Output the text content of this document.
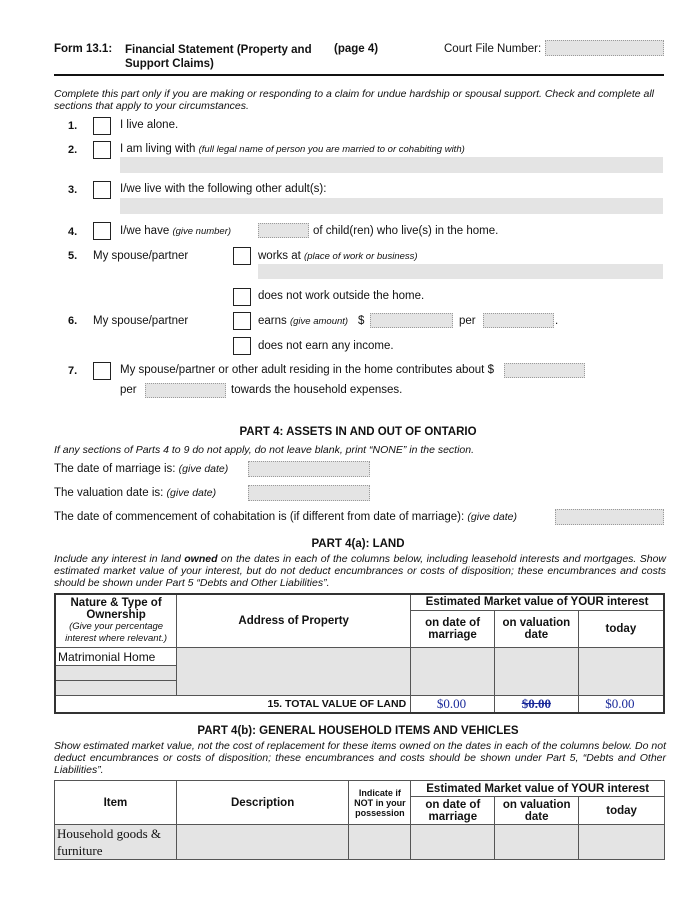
Form 13.1: Financial Statement (Property and
Support Claims)
(page 4)	Court File Number:
Complete this part only if you are making or responding to a claim for undue hardship or spousal support. Check and complete all sections that apply to your circumstances.
1.	I live alone.
2.	I am living with (full legal name of person you are married to or cohabiting with)
3.	I/we live with the following other adult(s):
4.	I/we have (give number)	of child(ren) who live(s) in the home.
5. My spouse/partner	works at (place of work or business)
does not work outside the home.
6. My spouse/partner	earns (give amount) $	per	.
does not earn any income.
7.	My spouse/partner or other adult residing in the home contributes about $
per	towards the household expenses.
PART 4: ASSETS IN AND OUT OF ONTARIO
If any sections of Parts 4 to 9 do not apply, do not leave blank, print “NONE” in the section.
The date of marriage is: (give date)
The valuation date is: (give date)
The date of commencement of cohabitation is (if different from date of marriage): (give date)
PART 4(a): LAND
Include any interest in land owned on the dates in each of the columns below, including leasehold interests and mortgages. Show estimated market value of your interest, but do not deduct encumbrances or costs of disposition; these encumbrances and costs should be shown under Part 5 “Debts and Other Liabilities”.
Nature & Type of Ownership
(Give your percentage interest where relevant.)	Address of Property	Estimated Market value of YOUR interest		
		on date of marriage	on valuation date	today
Matrimonial Home				

15. TOTAL VALUE OF LAND		$0.00	$0.00	$0.00
PART 4(b): GENERAL HOUSEHOLD ITEMS AND VEHICLES
Show estimated market value, not the cost of replacement for these items owned on the dates in each of the columns below. Do not deduct encumbrances or costs of disposition; these encumbrances and costs should be shown under Part 5, “Debts and Other Liabilities”.
Item	Description	Indicate if NOT in your possession	Estimated Market value of YOUR interest		
			on date of marriage	on valuation date	today
Household goods & furniture					
